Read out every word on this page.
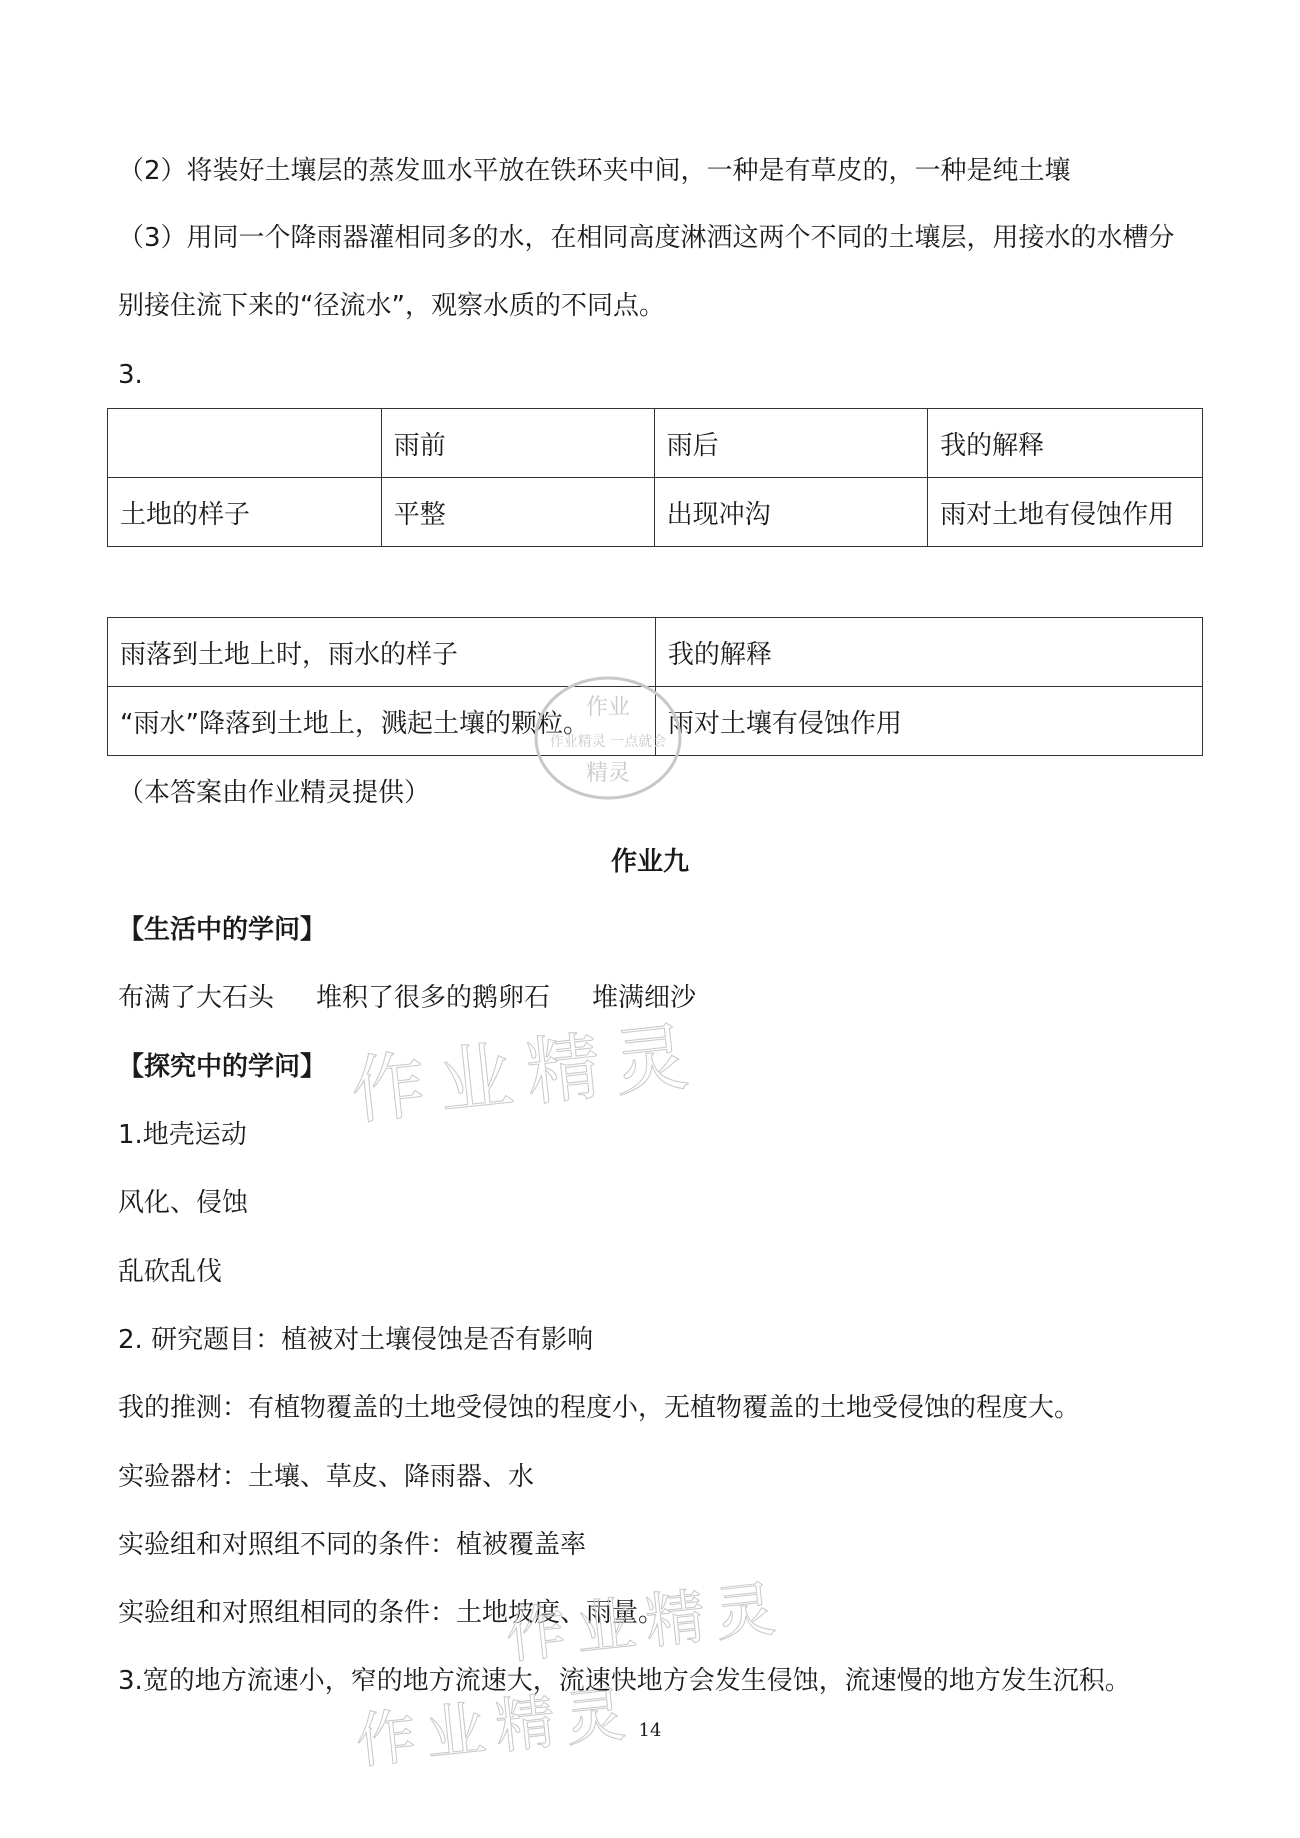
（2）将装好土壤层的蒸发皿水平放在铁环夹中间，一种是有草皮的，一种是纯土壤
（3）用同一个降雨器灌相同多的水，在相同高度淋洒这两个不同的土壤层，用接水的水槽分
别接住流下来的“径流水”，观察水质的不同点。
3.
	雨前	雨后	我的解释
土地的样子	平整	出现冲沟	雨对土地有侵蚀作用
雨落到土地上时，雨水的样子	我的解释
“雨水”降落到土地上，溅起土壤的颗粒。	雨对土壤有侵蚀作用
作业
作业精灵 一点就会
精灵
（本答案由作业精灵提供）
作业九
【生活中的学问】
布满了大石头 堆积了很多的鹅卵石 堆满细沙
【探究中的学问】 作业精灵
1.地壳运动
风化、侵蚀
乱砍乱伐
2. 研究题目：植被对土壤侵蚀是否有影响
我的推测：有植物覆盖的土地受侵蚀的程度小，无植物覆盖的土地受侵蚀的程度大。
实验器材：土壤、草皮、降雨器、水
实验组和对照组不同的条件：植被覆盖率
实验组和对照组相同的条件：土地坡度、雨量。
作业精灵
作业精灵
3.宽的地方流速小，窄的地方流速大，流速快地方会发生侵蚀，流速慢的地方发生沉积。
14
